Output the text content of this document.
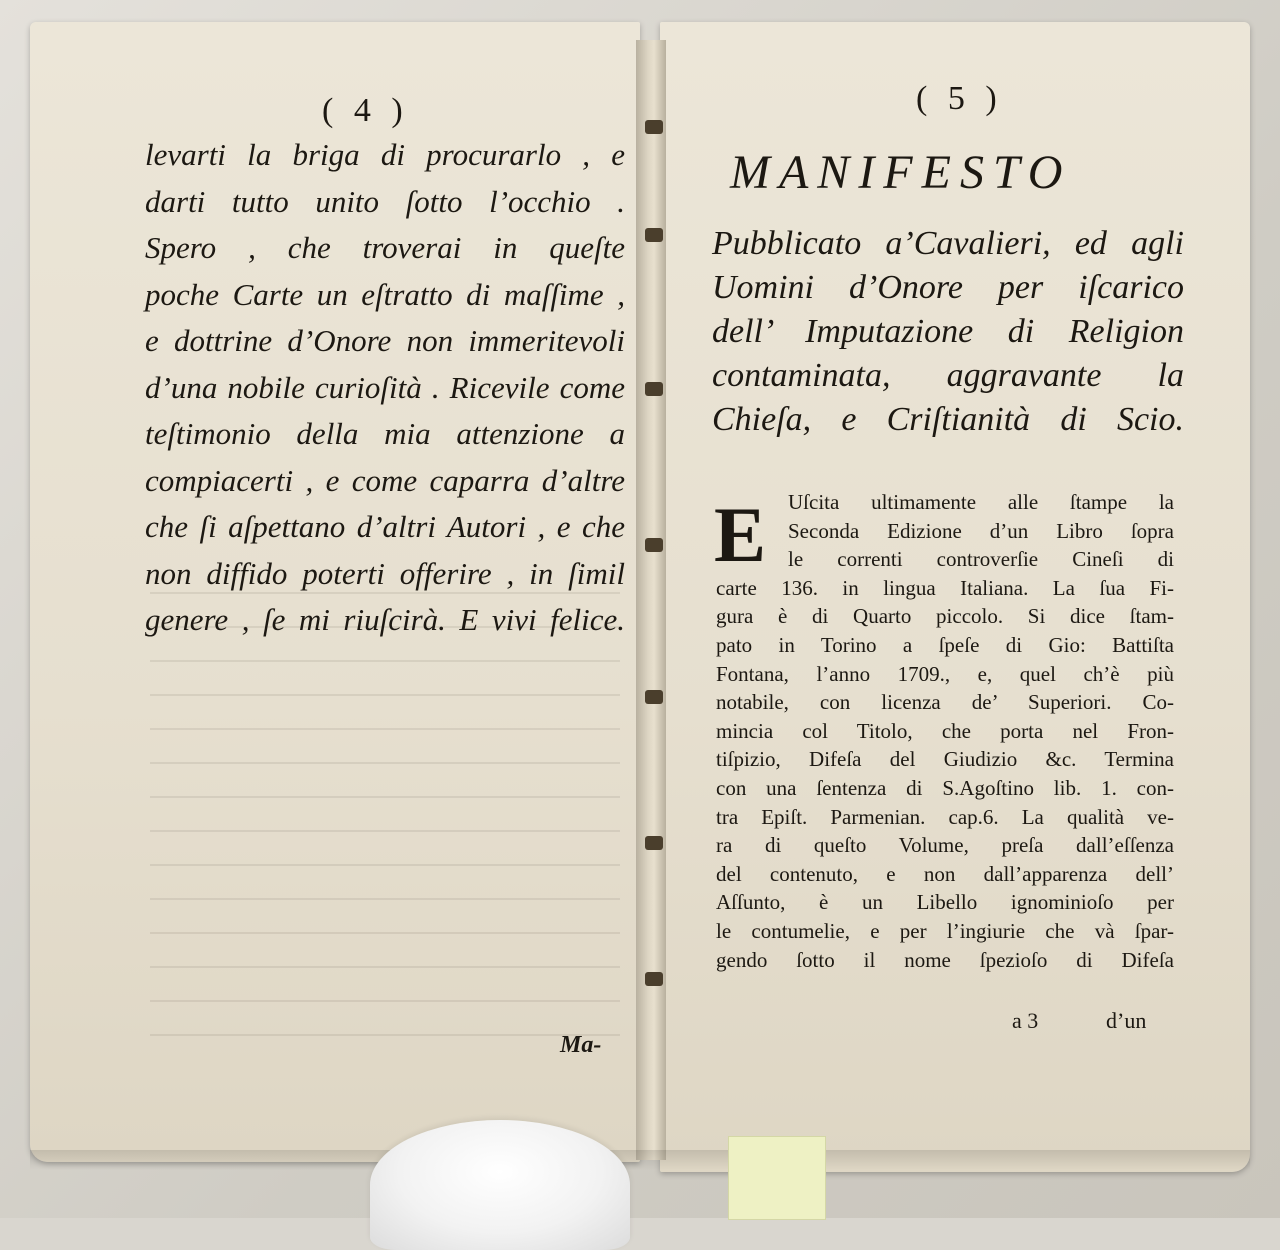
( 4 )
levarti la briga di procurarlo , e
darti tutto unito ſotto l’occhio .
Spero , che troverai in queſte
poche Carte un eſtratto di maſſime ,
e dottrine d’Onore non immeritevoli
d’una nobile curioſità . Ricevile come
teſtimonio della mia attenzione a
compiacerti , e come caparra d’altre
che ſi aſpettano d’altri Autori , e che
non diffido poterti offerire , in ſimil
genere , ſe mi riuſcirà. E vivi felice.
Ma-
( 5 )
MANIFESTO
Pubblicato a’Cavalieri, ed agli
Uomini d’Onore per iſcarico
dell’ Imputazione di Religion
contaminata, aggravante la
Chieſa, e Criſtianità di Scio.
E	Uſcita ultimamente alle ſtampe la
Seconda Edizione d’un Libro ſopra
le correnti controverſie Cineſi di
carte 136. in lingua Italiana. La ſua Fi-
gura è di Quarto piccolo. Si dice ſtam-
pato in Torino a ſpeſe di Gio: Battiſta
Fontana, l’anno 1709., e, quel ch’è più
notabile, con licenza de’ Superiori. Co-
mincia col Titolo, che porta nel Fron-
tiſpizio, Difeſa del Giudizio &c. Termina
con una ſentenza di S.Agoſtino lib. 1. con-
tra Epiſt. Parmenian. cap.6. La qualità ve-
ra di queſto Volume, preſa dall’eſſenza
del contenuto, e non dall’apparenza dell’
Aſſunto, è un Libello ignominioſo per
le contumelie, e per l’ingiurie che và ſpar-
gendo ſotto il nome ſpezioſo di Difeſa
a 3	d’un
